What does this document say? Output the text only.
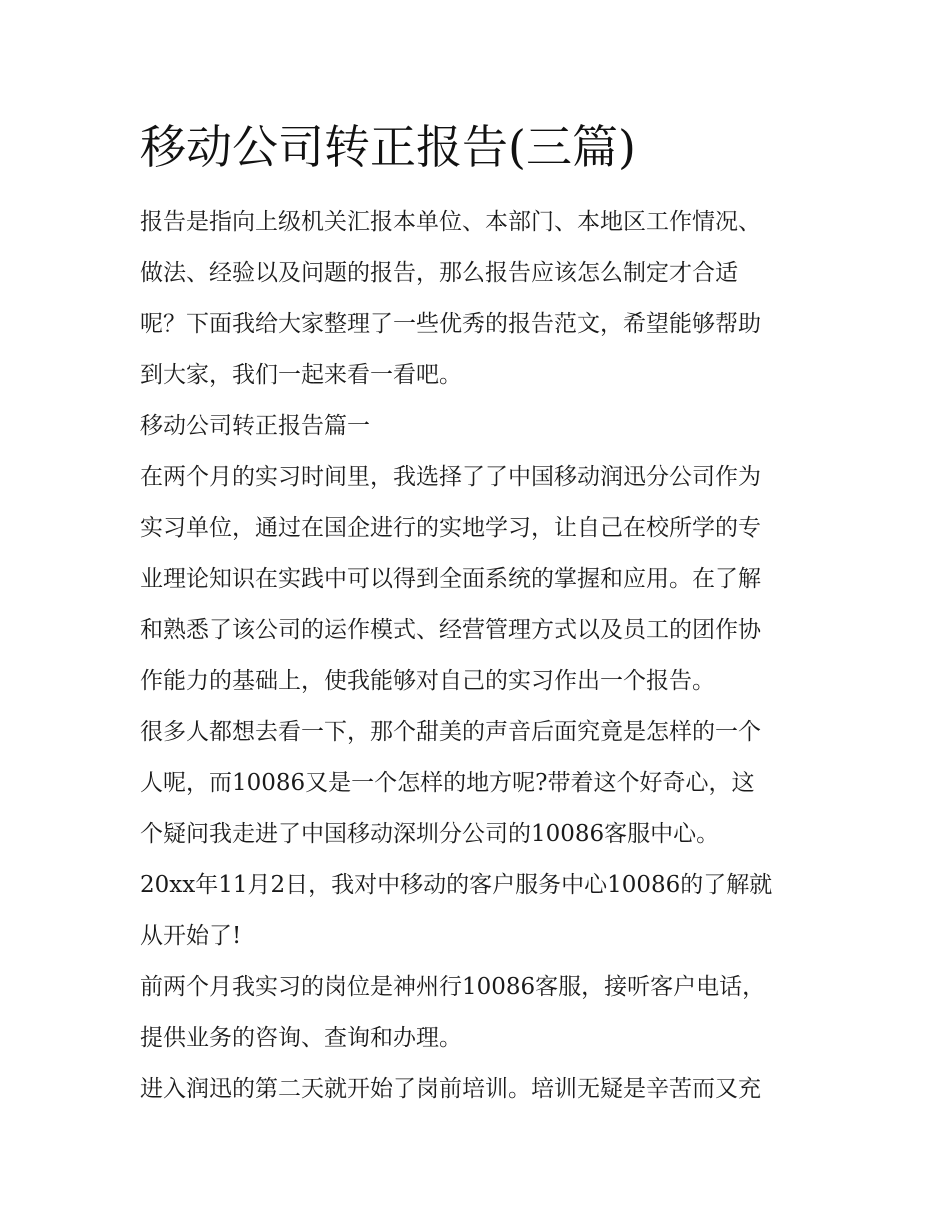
移动公司转正报告(三篇)
报告是指向上级机关汇报本单位、本部门、本地区工作情况、
做法、经验以及问题的报告，那么报告应该怎么制定才合适
呢？下面我给大家整理了一些优秀的报告范文，希望能够帮助
到大家，我们一起来看一看吧。
移动公司转正报告篇一
在两个月的实习时间里，我选择了了中国移动润迅分公司作为
实习单位，通过在国企进行的实地学习，让自己在校所学的专
业理论知识在实践中可以得到全面系统的掌握和应用。在了解
和熟悉了该公司的运作模式、经营管理方式以及员工的团作协
作能力的基础上，使我能够对自己的实习作出一个报告。
很多人都想去看一下，那个甜美的声音后面究竟是怎样的一个
人呢，而10086又是一个怎样的地方呢?带着这个好奇心，这
个疑问我走进了中国移动深圳分公司的10086客服中心。
20xx年11月2日，我对中移动的客户服务中心10086的了解就
从开始了!
前两个月我实习的岗位是神州行10086客服，接听客户电话，
提供业务的咨询、查询和办理。
进入润迅的第二天就开始了岗前培训。培训无疑是辛苦而又充
